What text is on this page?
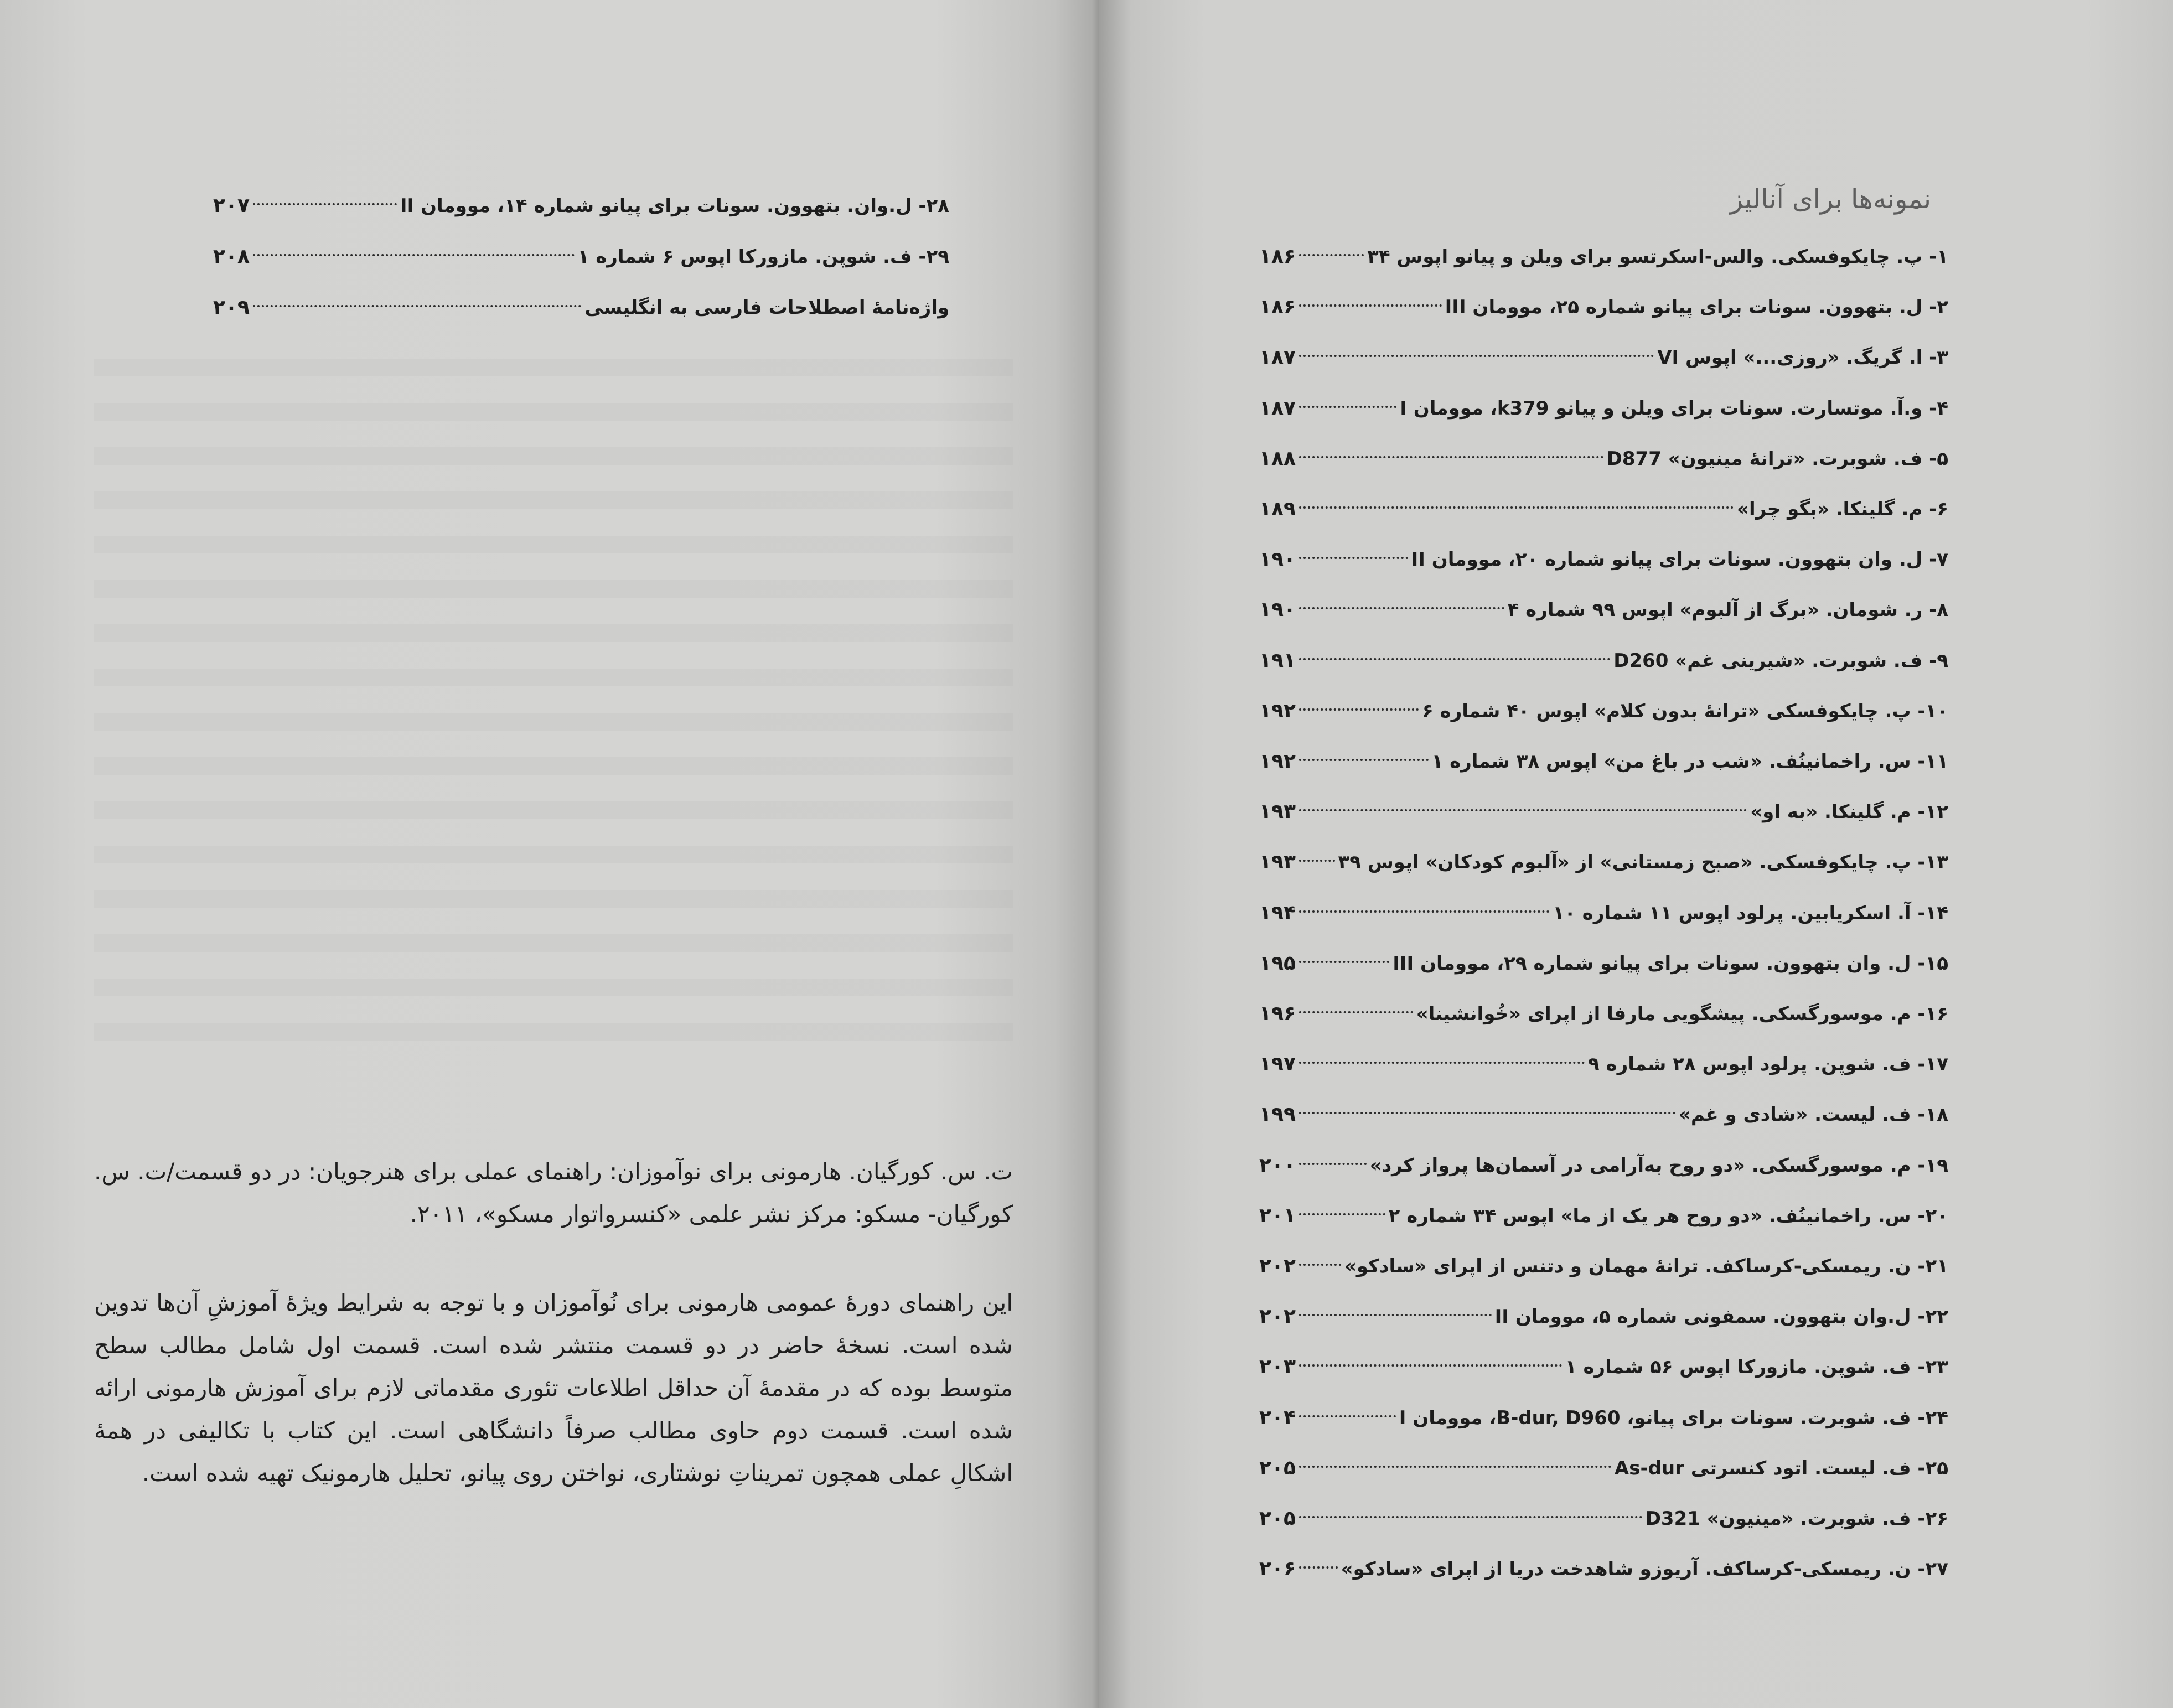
۲۸- ل.وان. بتهوون. سونات برای پیانو شماره ۱۴، موومان II
۲۰۷
۲۹- ف. شوپن. مازورکا اپوس ۶ شماره ۱
۲۰۸
واژه‌نامهٔ اصطلاحات فارسی به انگلیسی
۲۰۹
ت. س. کورگیان. هارمونی برای نوآموزان: راهنمای عملی برای هنرجویان: در دو قسمت/ت. س. کورگیان- مسکو: مرکز نشر علمی «کنسرواتوار مسکو»، ۲۰۱۱.
این راهنمای دورهٔ عمومی هارمونی برای نُوآموزان و با توجه به شرایط ویژهٔ آموزشِ آن‌ها تدوین شده است. نسخهٔ حاضر در دو قسمت منتشر شده است. قسمت اول شامل مطالب سطح متوسط بوده که در مقدمهٔ آن حداقل اطلاعات تئوری مقدماتی لازم برای آموزش هارمونی ارائه شده است. قسمت دوم حاوی مطالب صرفاً دانشگاهی است. این کتاب با تکالیفی در همهٔ اشکالِ عملی همچون تمریناتِ نوشتاری، نواختن روی پیانو، تحلیل هارمونیک تهیه شده است.
نمونه‌ها برای آنالیز
۱- پ. چایکوفسکی. والس-اسکرتسو برای ویلن و پیانو اپوس ۳۴
۱۸۶
۲- ل. بتهوون. سونات برای پیانو شماره ۲۵، موومان III
۱۸۶
۳- ا. گریگ. «روزی...» اپوس VI
۱۸۷
۴- و.آ. موتسارت. سونات برای ویلن و پیانو k379، موومان I
۱۸۷
۵- ف. شوبرت. «ترانهٔ مینیون» D877
۱۸۸
۶- م. گلینکا. «بگو چرا»
۱۸۹
۷- ل. وان بتهوون. سونات برای پیانو شماره ۲۰، موومان II
۱۹۰
۸- ر. شومان. «برگ از آلبوم» اپوس ۹۹ شماره ۴
۱۹۰
۹- ف. شوبرت. «شیرینی غم» D260
۱۹۱
۱۰- پ. چایکوفسکی «ترانهٔ بدون کلام» اپوس ۴۰ شماره ۶
۱۹۲
۱۱- س. راخمانینُف. «شب در باغ من» اپوس ۳۸ شماره ۱
۱۹۲
۱۲- م. گلینکا. «به او»
۱۹۳
۱۳- پ. چایکوفسکی. «صبح زمستانی» از «آلبوم کودکان» اپوس ۳۹
۱۹۳
۱۴- آ. اسکریابین. پرلود اپوس ۱۱ شماره ۱۰
۱۹۴
۱۵- ل. وان بتهوون. سونات برای پیانو شماره ۲۹، موومان III
۱۹۵
۱۶- م. موسورگسکی. پیشگویی مارفا از اپرای «خُوانشینا»
۱۹۶
۱۷- ف. شوپن. پرلود اپوس ۲۸ شماره ۹
۱۹۷
۱۸- ف. لیست. «شادی و غم»
۱۹۹
۱۹- م. موسورگسکی. «دو روح به‌آرامی در آسمان‌ها پرواز کرد»
۲۰۰
۲۰- س. راخمانینُف. «دو روح هر یک از ما» اپوس ۳۴ شماره ۲
۲۰۱
۲۱- ن. ریمسکی-کرساکف. ترانهٔ مهمان و دتنس از اپرای «سادکو»
۲۰۲
۲۲- ل.وان بتهوون. سمفونی شماره ۵، موومان II
۲۰۲
۲۳- ف. شوپن. مازورکا اپوس ۵۶ شماره ۱
۲۰۳
۲۴- ف. شوبرت. سونات برای پیانو، B-dur, D960، موومان I
۲۰۴
۲۵- ف. لیست. اتود کنسرتی As-dur
۲۰۵
۲۶- ف. شوبرت. «مینیون» D321
۲۰۵
۲۷- ن. ریمسکی-کرساکف. آریوزو شاهدخت دریا از اپرای «سادکو»
۲۰۶
